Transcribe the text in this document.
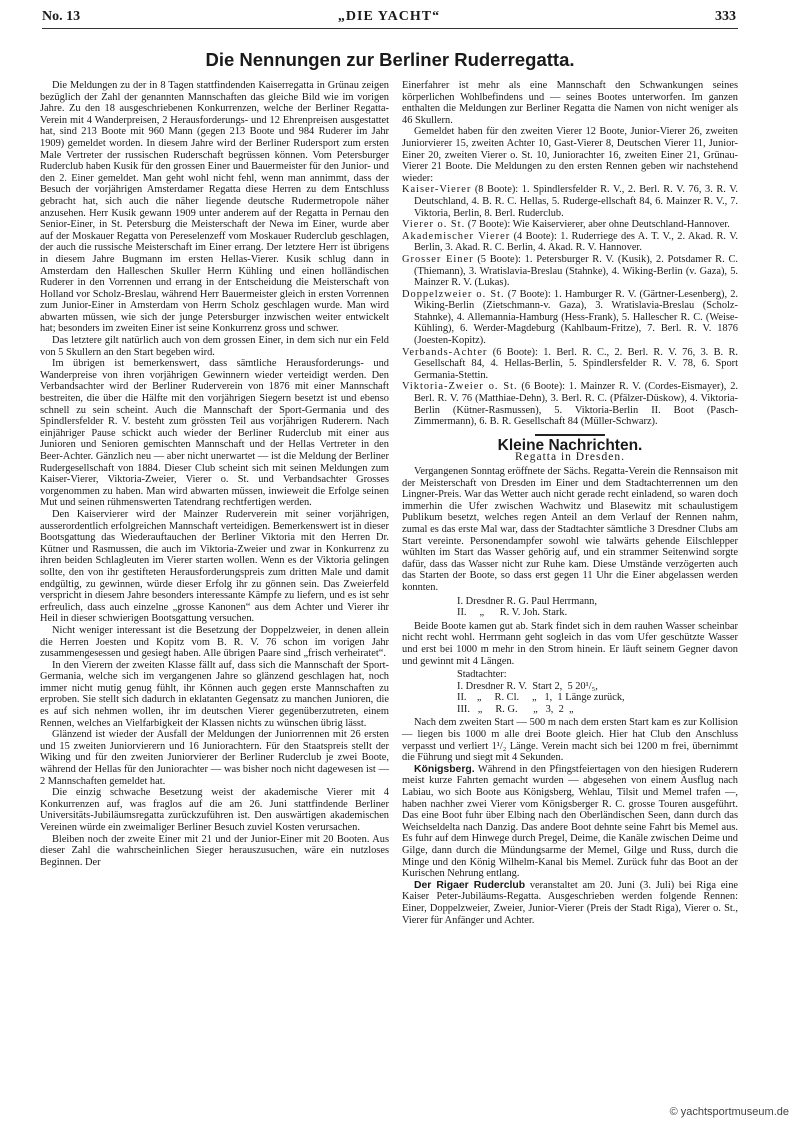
No. 13	„DIE YACHT“	333
Die Nennungen zur Berliner Ruderregatta.

Die Meldungen zu der in 8 Tagen stattfindenden Kaiserregatta in Grünau zeigen bezüglich der Zahl der genannten Mannschaften das gleiche Bild wie im vorigen Jahre. Zu den 18 ausgeschriebenen Konkurrenzen, welche der Berliner Regatta-Verein mit 4 Wanderpreisen, 2 Herausforderungs- und 12 Ehrenpreisen ausgestattet hat, sind 213 Boote mit 960 Mann (gegen 213 Boote und 984 Ruderer im Jahr 1909) gemeldet worden. In diesem Jahre wird der Berliner Rudersport zum ersten Male Vertreter der russischen Ruderschaft begrüssen können. Vom Petersburger Ruderclub haben Kusik für den grossen Einer und Bauermeister für den Junior- und den 2. Einer gemeldet. Man geht wohl nicht fehl, wenn man annimmt, dass der Besuch der vorjährigen Amsterdamer Regatta diese Herren zu dem Entschluss gebracht hat, sich auch die näher liegende deutsche Rudermetropole näher anzusehen. Herr Kusik gewann 1909 unter anderem auf der Regatta in Pernau den Senior-Einer, in St. Petersburg die Meisterschaft der Newa im Einer, wurde aber auf der Moskauer Regatta von Pereselenzeff vom Moskauer Ruderclub geschlagen, der auch die russische Meisterschaft im Einer errang. Der letztere Herr ist übrigens in diesem Jahre Bugmann im ersten Hellas-Vierer. Kusik schlug dann in Amsterdam den Halleschen Skuller Herrn Kühling und einen holländischen Ruderer in den Vorrennen und errang in der Entscheidung die Meisterschaft von Holland vor Scholz-Breslau, während Herr Bauermeister gleich in ersten Vorrennen zum Junior-Einer in Amsterdam von Herrn Scholz geschlagen wurde. Man wird abwarten müssen, wie sich der junge Petersburger inzwischen weiter entwickelt hat; besonders im zweiten Einer ist seine Konkurrenz gross und schwer.

Das letztere gilt natürlich auch von dem grossen Einer, in dem sich nur ein Feld von 5 Skullern an den Start begeben wird.

Im übrigen ist bemerkenswert, dass sämtliche Herausforderungs- und Wanderpreise von ihren vorjährigen Gewinnern wieder verteidigt werden. Den Verbandsachter wird der Berliner Ruderverein von 1876 mit einer Mannschaft bestreiten, die über die Hälfte mit den vorjährigen Siegern besetzt ist und ebenso schnell zu sein scheint. Auch die Mannschaft der Sport-Germania und des Spindlersfelder R. V. besteht zum grössten Teil aus vorjährigen Ruderern. Nach einjähriger Pause schickt auch wieder der Berliner Ruderclub mit einer aus Junioren und Senioren gemischten Mannschaft und der Hellas Vertreter in den Beer-Achter. Gänzlich neu — aber nicht unerwartet — ist die Meldung der Berliner Rudergesellschaft von 1884. Dieser Club scheint sich mit seinen Meldungen zum Kaiser-Vierer, Viktoria-Zweier, Vierer o. St. und Verbandsachter Grosses vorgenommen zu haben. Man wird abwarten müssen, inwieweit die Erfolge seinen Mut und seinen rühmenswerten Tatendrang rechtfertigen werden.

Den Kaiservierer wird der Mainzer Ruderverein mit seiner vorjährigen, ausserordentlich erfolgreichen Mannschaft verteidigen. Bemerkenswert ist in dieser Bootsgattung das Wiederauftauchen der Berliner Viktoria mit den Herren Dr. Kütner und Rasmussen, die auch im Viktoria-Zweier und zwar in Konkurrenz zu ihren beiden Schlagleuten im Vierer starten wollen. Wenn es der Viktoria gelingen sollte, den von ihr gestifteten Herausforderungspreis zum dritten Male und damit endgültig, zu gewinnen, würde dieser Erfolg ihr zu gönnen sein. Das Zweierfeld verspricht in diesem Jahre besonders interessante Kämpfe zu liefern, und es ist sehr erfreulich, dass auch einzelne „grosse Kanonen“ aus dem Achter und Vierer ihr Heil in dieser schwierigen Bootsgattung versuchen.

Nicht weniger interessant ist die Besetzung der Doppelzweier, in denen allein die Herren Joesten und Kopitz vom B. R. V. 76 schon im vorigen Jahr zusammengesessen und gesiegt haben. Alle übrigen Paare sind „frisch verheiratet“.

In den Vierern der zweiten Klasse fällt auf, dass sich die Mannschaft der Sport-Germania, welche sich im vergangenen Jahre so glänzend geschlagen hat, noch immer nicht mutig genug fühlt, ihr Können auch gegen erste Mannschaften zu erproben. Sie stellt sich dadurch in eklatanten Gegensatz zu manchen Junioren, die es auf sich nehmen wollen, ihr im deutschen Vierer gegenüberzutreten, einem Rennen, welches an Vielfarbigkeit der Klassen nichts zu wünschen übrig lässt.

Glänzend ist wieder der Ausfall der Meldungen der Juniorrennen mit 26 ersten und 15 zweiten Juniorvierern und 16 Juniorachtern. Für den Staatspreis stellt der Wiking und für den zweiten Juniorvierer der Berliner Ruderclub je zwei Boote, während der Hellas für den Juniorachter — was bisher noch nicht dagewesen ist — 2 Mannschaften gemeldet hat.

Die einzig schwache Besetzung weist der akademische Vierer mit 4 Konkurrenzen auf, was fraglos auf die am 26. Juni stattfindende Berliner Universitäts-Jubiläumsregatta zurückzuführen ist. Den auswärtigen akademischen Vereinen würde ein zweimaliger Berliner Besuch zuviel Kosten verursachen.

Bleiben noch der zweite Einer mit 21 und der Junior-Einer mit 20 Booten. Aus dieser Zahl die wahrscheinlichen Sieger herauszusuchen, wäre ein nutzloses Beginnen. Der

Einerfahrer ist mehr als eine Mannschaft den Schwankungen seines körperlichen Wohlbefindens und — seines Bootes unterworfen. Im ganzen enthalten die Meldungen zur Berliner Regatta die Namen von nicht weniger als 46 Skullern.

Gemeldet haben für den zweiten Vierer 12 Boote, Junior-Vierer 26, zweiten Juniorvierer 15, zweiten Achter 10, Gast-Vierer 8, Deutschen Vierer 11, Junior-Einer 20, zweiten Vierer o. St. 10, Juniorachter 16, zweiten Einer 21, Grünau-Vierer 21 Boote. Die Meldungen zu den ersten Rennen geben wir nachstehend wieder:

Kaiser-Vierer (8 Boote): 1. Spindlersfelder R. V., 2. Berl. R. V. 76, 3. R. V. Deutschland, 4. B. R. C. Hellas, 5. Ruderge-ellschaft 84, 6. Mainzer R. V., 7. Viktoria, Berlin, 8. Berl. Ruderclub.
Vierer o. St. (7 Boote): Wie Kaiservierer, aber ohne Deutschland-Hannover.
Akademischer Vierer (4 Boote): 1. Ruderriege des A. T. V., 2. Akad. R. V. Berlin, 3. Akad. R. C. Berlin, 4. Akad. R. V. Hannover.
Grosser Einer (5 Boote): 1. Petersburger R. V. (Kusik), 2. Potsdamer R. C. (Thiemann), 3. Wratislavia-Breslau (Stahnke), 4. Wiking-Berlin (v. Gaza), 5. Mainzer R. V. (Lukas).
Doppelzweier o. St. (7 Boote): 1. Hamburger R. V. (Gärtner-Lesenberg), 2. Wiking-Berlin (Zietschmann-v. Gaza), 3. Wratislavia-Breslau (Scholz-Stahnke), 4. Allemannia-Hamburg (Hess-Frank), 5. Hallescher R. C. (Weise-Kühling), 6. Werder-Magdeburg (Kahlbaum-Fritze), 7. Berl. R. V. 1876 (Joesten-Kopitz).
Verbands-Achter (6 Boote): 1. Berl. R. C., 2. Berl. R. V. 76, 3. B. R. Gesellschaft 84, 4. Hellas-Berlin, 5. Spindlersfelder R. V. 78, 6. Sport Germania-Stettin.
Viktoria-Zweier o. St. (6 Boote): 1. Mainzer R. V. (Cordes-Eismayer), 2. Berl. R. V. 76 (Matthiae-Dehn), 3. Berl. R. C. (Pfälzer-Düskow), 4. Viktoria-Berlin (Kütner-Rasmussen), 5. Viktoria-Berlin II. Boot (Pasch-Zimmermann), 6. B. R. Gesellschaft 84 (Müller-Schwarz).
Kleine Nachrichten.
Regatta in Dresden.

Vergangenen Sonntag eröffnete der Sächs. Regatta-Verein die Rennsaison mit der Meisterschaft von Dresden im Einer und dem Stadtachterrennen um den Lingner-Preis. War das Wetter auch nicht gerade recht einladend, so waren doch immerhin die Ufer zwischen Wachwitz und Blasewitz mit schaulustigem Publikum besetzt, welches regen Anteil an dem Verlauf der Rennen nahm, zumal es das erste Mal war, dass der Stadtachter sämtliche 3 Dresdner Clubs am Start vereinte. Personendampfer sowohl wie talwärts gehende Eilschlepper wühlten im Start das Wasser gehörig auf, und ein strammer Seitenwind sorgte dafür, dass das Wasser nicht zur Ruhe kam. Diese Umstände verzögerten auch das Starten der Boote, so dass erst gegen 11 Uhr die Einer abgelassen werden konnten.

I. Dresdner R. G. Paul Herrmann,
II.     „      R. V. Joh. Stark.

Beide Boote kamen gut ab. Stark findet sich in dem rauhen Wasser scheinbar nicht recht wohl. Herrmann geht sogleich in das vom Ufer geschützte Wasser und erst bei 1000 m mehr in den Strom hinein. Er läuft seinem Gegner davon und gewinnt mit 4 Längen.

Stadtachter:
I. Dresdner R. V.  Start 2,  5 20¹/₅,
II.    „     R. Cl.     „   1,  1 Länge zurück,
III.   „     R. G.      „   3,  2  „

Nach dem zweiten Start — 500 m nach dem ersten Start kam es zur Kollision — liegen bis 1000 m alle drei Boote gleich. Hier hat Club den Anschluss verpasst und verliert 1¹/₂ Länge. Verein macht sich bei 1200 m frei, übernimmt die Führung und siegt mit 4 Sekunden.

Königsberg. Während in den Pfingstfeiertagen von den hiesigen Ruderern meist kurze Fahrten gemacht wurden — abgesehen von einem Ausflug nach Labiau, wo sich Boote aus Königsberg, Wehlau, Tilsit und Memel trafen —, haben nachher zwei Vierer vom Königsberger R. C. grosse Touren ausgeführt. Das eine Boot fuhr über Elbing nach den Oberländischen Seen, dann durch das Weichseldelta nach Danzig. Das andere Boot dehnte seine Fahrt bis Memel aus. Es fuhr auf dem Hinwege durch Pregel, Deime, die Kanäle zwischen Deime und Gilge, dann durch die Mündungsarme der Memel, Gilge und Russ, durch die Minge und den König Wilhelm-Kanal bis Memel. Zurück fuhr das Boot an der Kurischen Nehrung entlang.

Der Rigaer Ruderclub veranstaltet am 20. Juni (3. Juli) bei Riga eine Kaiser Peter-Jubiläums-Regatta. Ausgeschrieben werden folgende Rennen: Einer, Doppelzweier, Zweier, Junior-Vierer (Preis der Stadt Riga), Vierer o. St., Vierer für Anfänger und Achter.

© yachtsportmuseum.de
